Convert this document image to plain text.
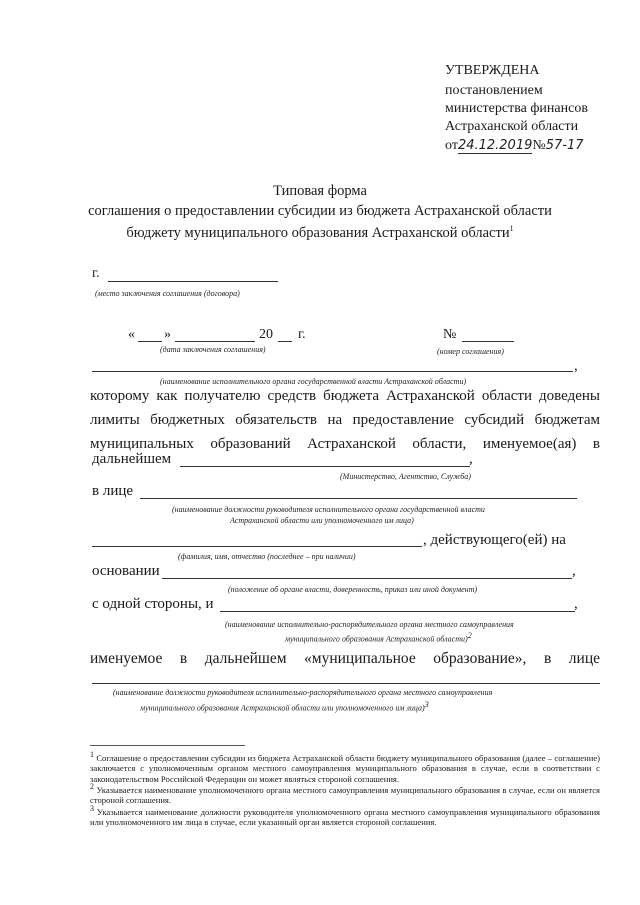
УТВЕРЖДЕНА
постановлением
министерства финансов
Астраханской области
от24.12.2019№57-17
Типовая форма
соглашения о предоставлении субсидии из бюджета Астраханской области
бюджету муниципального образования Астраханской области$^1$
г.
(место заключения соглашения (договора)
« »	20 г.
(дата заключения соглашения)
№
(номер соглашения)
,
(наименование исполнительного органа государственной власти Астраханской области)
которому как получателю средств бюджета Астраханской области доведены
лимиты бюджетных обязательств на предоставление субсидий бюджетам
муниципальных образований Астраханской области, именуемое(ая) в
дальнейшем	,
(Министерство, Агентство, Служба)
в лице
(наименование должности руководителя исполнительного органа государственной власти
Астраханской области или уполномоченного им лица)
, действующего(ей) на
(фамилия, имя, отчество (последнее – при наличии)
основании	,
(положение об органе власти, доверенность, приказ или иной документ)
с одной стороны, и	,
(наименование исполнительно-распорядительного органа местного самоуправления
муниципального образования Астраханской области)$^2$
именуемое в дальнейшем «муниципальное образование», в лице
(наименование должности руководителя исполнительно-распорядительного органа местного самоуправления
муниципального образования Астраханской области или уполномоченного им лица)$^3$
$^1$ Соглашение о предоставлении субсидии из бюджета Астраханской области бюджету муниципального образования (далее – соглашение) заключается с уполномоченным органом местного самоуправления муниципального образования в случае, если в соответствии с законодательством Российской Федерации он может являться стороной соглашения.
$^2$ Указывается наименование уполномоченного органа местного самоуправления муниципального образования в случае, если он является стороной соглашения.
$^3$ Указывается наименование должности руководителя уполномоченного органа местного самоуправления муниципального образования или уполномоченного им лица в случае, если указанный орган является стороной соглашения.
